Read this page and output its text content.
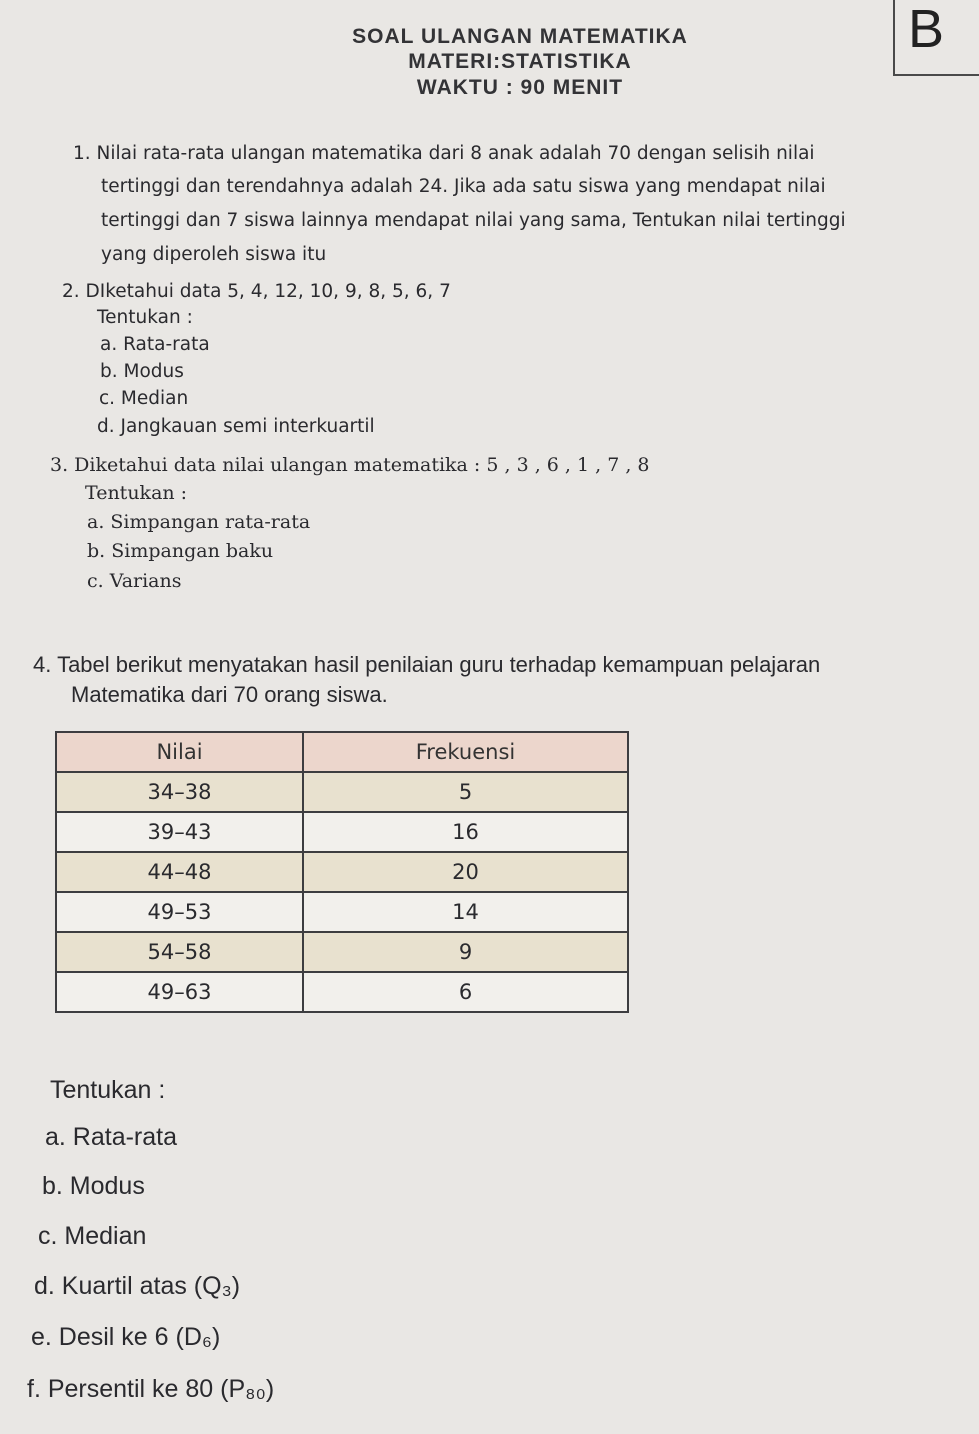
SOAL ULANGAN MATEMATIKA
MATERI:STATISTIKA
WAKTU : 90 MENIT
B
1. Nilai rata-rata ulangan matematika dari 8 anak adalah 70 dengan selisih nilai
tertinggi dan terendahnya adalah 24. Jika ada satu siswa yang mendapat nilai
tertinggi dan 7 siswa lainnya mendapat nilai yang sama, Tentukan nilai tertinggi
yang diperoleh siswa itu
2. DIketahui data 5, 4, 12, 10, 9, 8, 5, 6, 7
Tentukan :
a. Rata-rata
b. Modus
c. Median
d. Jangkauan semi interkuartil
3. Diketahui data nilai ulangan matematika : 5 , 3 , 6 , 1 , 7 , 8
Tentukan :
a. Simpangan rata-rata
b. Simpangan baku
c. Varians
4. Tabel berikut menyatakan hasil penilaian guru terhadap kemampuan pelajaran
Matematika dari 70 orang siswa.
Nilai	Frekuensi
34–38	5
39–43	16
44–48	20
49–53	14
54–58	9
49–63	6
Tentukan :
a. Rata-rata
b. Modus
c. Median
d. Kuartil atas (Q₃)
e. Desil ke 6 (D₆)
f. Persentil ke 80 (P₈₀)
